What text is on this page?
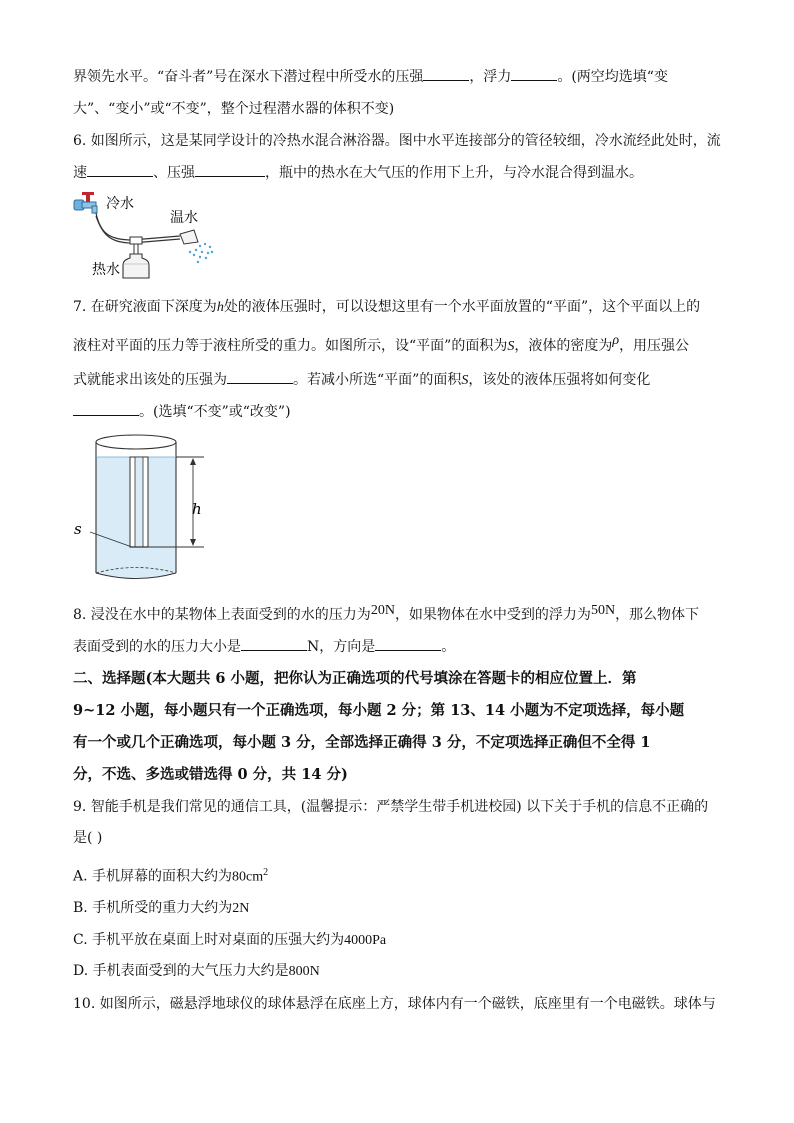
界领先水平。“奋斗者”号在深水下潜过程中所受水的压强	，浮力	。(两空均选填“变
大”、“变小”或“不变”，整个过程潜水器的体积不变)
6. 如图所示，这是某同学设计的冷热水混合淋浴器。图中水平连接部分的管径较细，冷水流经此处时，流
速	、压强	，瓶中的热水在大气压的作用下上升，与冷水混合得到温水。
冷水
温水
热水
7. 在研究液面下深度为h处的液体压强时，可以设想这里有一个水平面放置的“平面”，这个平面以上的
液柱对平面的压力等于液柱所受的重力。如图所示，设“平面”的面积为S，液体的密度为ρ，用压强公
式就能求出该处的压强为	。若减小所选“平面”的面积S，该处的液体压强将如何变化
。(选填“不变”或“改变”)
s
h
8. 浸没在水中的某物体上表面受到的水的压力为20N，如果物体在水中受到的浮力为50N，那么物体下
表面受到的水的压力大小是	N，方向是	。
二、选择题(本大题共 6 小题，把你认为正确选项的代号填涂在答题卡的相应位置上．第
9~12 小题，每小题只有一个正确选项，每小题 2 分；第 13、14 小题为不定项选择，每小题
有一个或几个正确选项，每小题 3 分，全部选择正确得 3 分，不定项选择正确但不全得 1
分，不选、多选或错选得 0 分，共 14 分)
9. 智能手机是我们常见的通信工具，(温馨提示：严禁学生带手机进校园) 以下关于手机的信息不正确的
是( )
A. 手机屏幕的面积大约为$80cm^2$
B. 手机所受的重力大约为2N
C. 手机平放在桌面上时对桌面的压强大约为4000Pa
D. 手机表面受到的大气压力大约是800N
10. 如图所示，磁悬浮地球仪的球体悬浮在底座上方，球体内有一个磁铁，底座里有一个电磁铁。球体与
